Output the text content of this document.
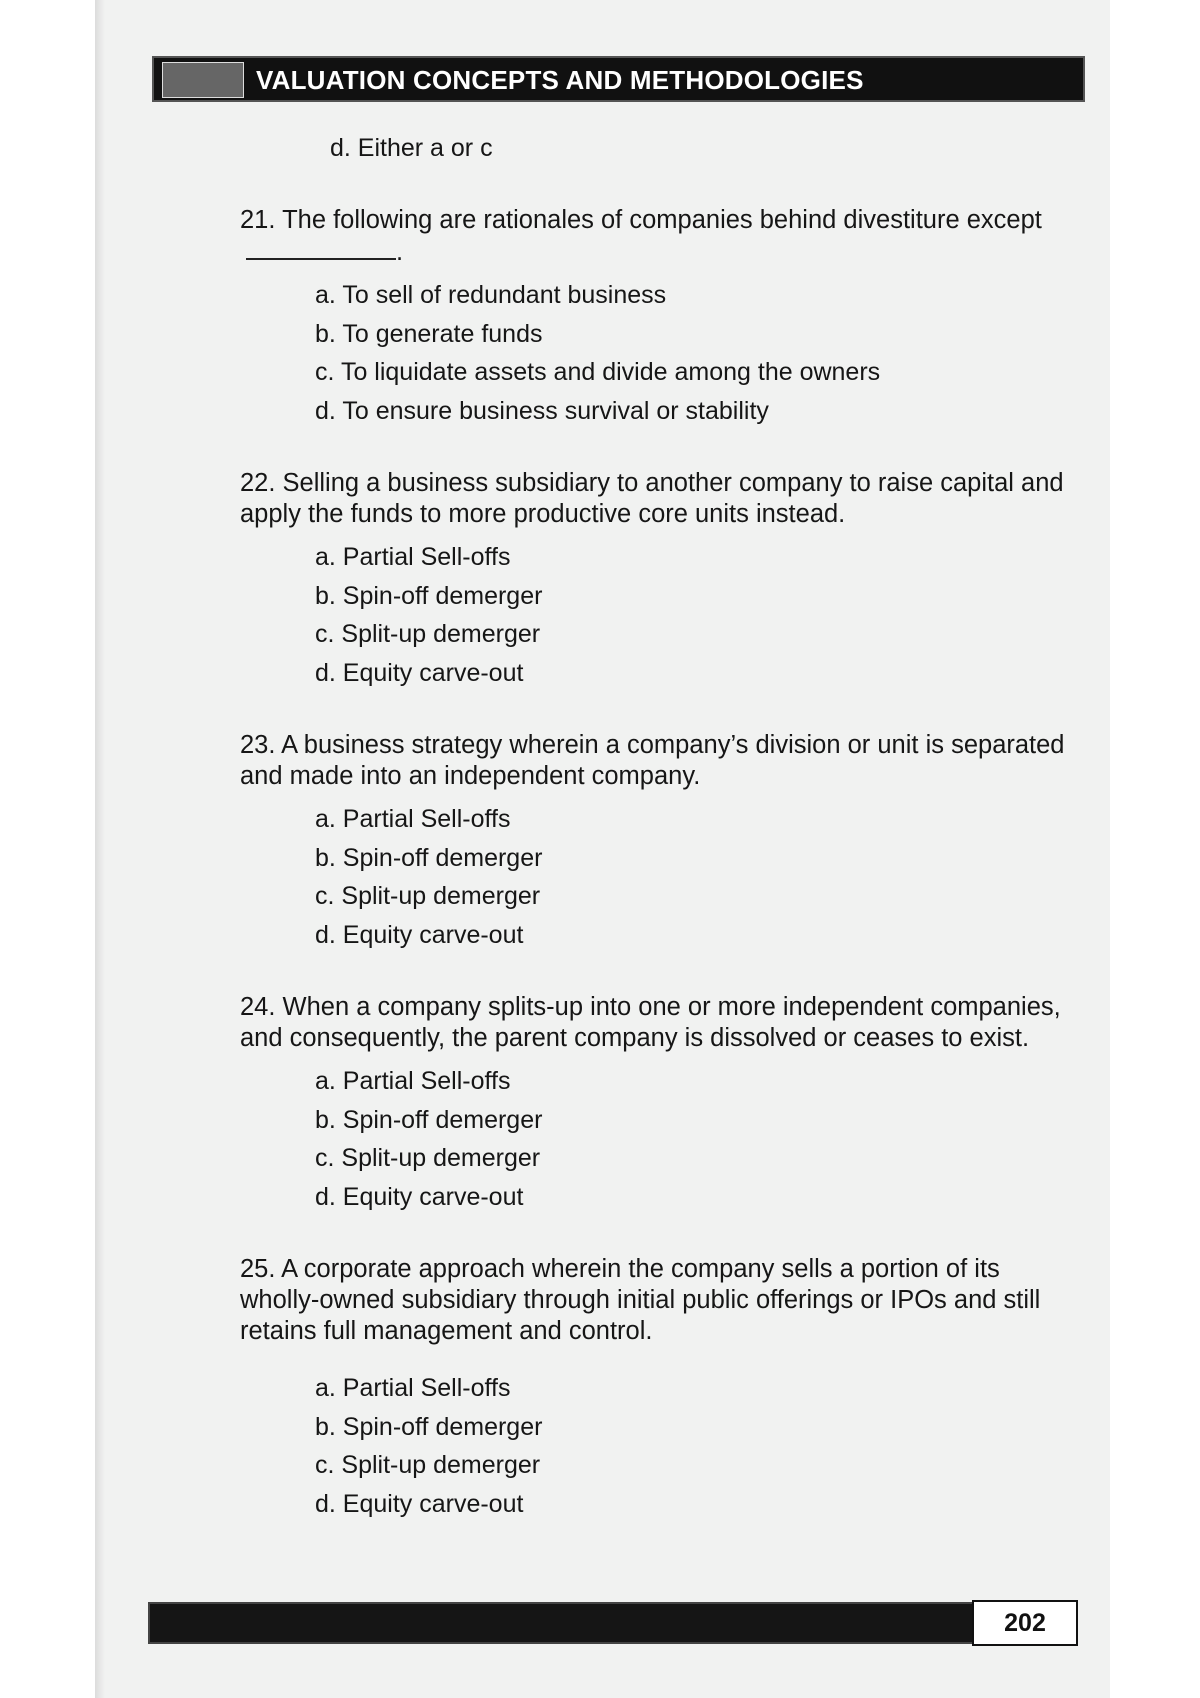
VALUATION CONCEPTS AND METHODOLOGIES
d. Either a or c

21. The following are rationales of companies behind divestiture except.

a. To sell of redundant business
b. To generate funds
c. To liquidate assets and divide among the owners
d. To ensure business survival or stability

22. Selling a business subsidiary to another company to raise capital and apply the funds to more productive core units instead.

a. Partial Sell-offs
b. Spin-off demerger
c. Split-up demerger
d. Equity carve-out

23. A business strategy wherein a company’s division or unit is separated and made into an independent company.

a. Partial Sell-offs
b. Spin-off demerger
c. Split-up demerger
d. Equity carve-out

24. When a company splits-up into one or more independent companies, and consequently, the parent company is dissolved or ceases to exist.

a. Partial Sell-offs
b. Spin-off demerger
c. Split-up demerger
d. Equity carve-out

25. A corporate approach wherein the company sells a portion of its wholly-owned subsidiary through initial public offerings or IPOs and still retains full management and control.

a. Partial Sell-offs
b. Spin-off demerger
c. Split-up demerger
d. Equity carve-out
202
